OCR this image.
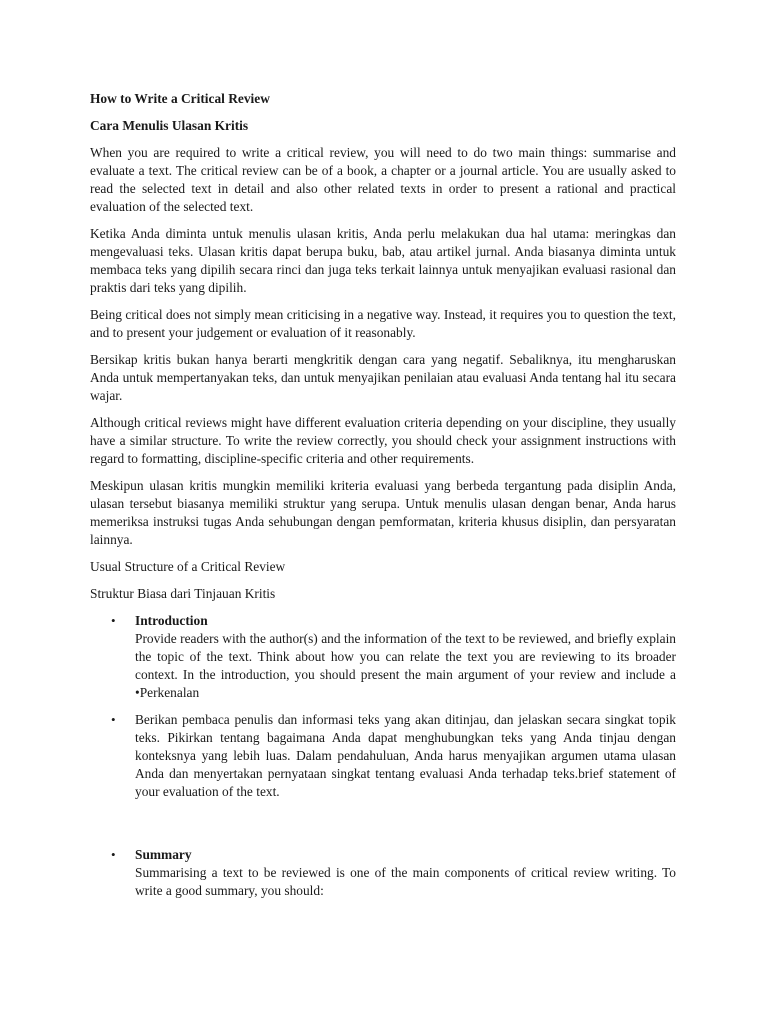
How to Write a Critical Review
Cara Menulis Ulasan Kritis

When you are required to write a critical review, you will need to do two main things: summarise and evaluate a text. The critical review can be of a book, a chapter or a journal article. You are usually asked to read the selected text in detail and also other related texts in order to present a rational and practical evaluation of the selected text.

Ketika Anda diminta untuk menulis ulasan kritis, Anda perlu melakukan dua hal utama: meringkas dan mengevaluasi teks. Ulasan kritis dapat berupa buku, bab, atau artikel jurnal. Anda biasanya diminta untuk membaca teks yang dipilih secara rinci dan juga teks terkait lainnya untuk menyajikan evaluasi rasional dan praktis dari teks yang dipilih.

Being critical does not simply mean criticising in a negative way. Instead, it requires you to question the text, and to present your judgement or evaluation of it reasonably.

Bersikap kritis bukan hanya berarti mengkritik dengan cara yang negatif. Sebaliknya, itu mengharuskan Anda untuk mempertanyakan teks, dan untuk menyajikan penilaian atau evaluasi Anda tentang hal itu secara wajar.

Although critical reviews might have different evaluation criteria depending on your discipline, they usually have a similar structure. To write the review correctly, you should check your assignment instructions with regard to formatting, discipline-specific criteria and other requirements.

Meskipun ulasan kritis mungkin memiliki kriteria evaluasi yang berbeda tergantung pada disiplin Anda, ulasan tersebut biasanya memiliki struktur yang serupa. Untuk menulis ulasan dengan benar, Anda harus memeriksa instruksi tugas Anda sehubungan dengan pemformatan, kriteria khusus disiplin, dan persyaratan lainnya.

Usual Structure of a Critical Review

Struktur Biasa dari Tinjauan Kritis

• Introduction
Provide readers with the author(s) and the information of the text to be reviewed, and briefly explain the topic of the text. Think about how you can relate the text you are reviewing to its broader context. In the introduction, you should present the main argument of your review and include a •Perkenalan
• Berikan pembaca penulis dan informasi teks yang akan ditinjau, dan jelaskan secara singkat topik teks. Pikirkan tentang bagaimana Anda dapat menghubungkan teks yang Anda tinjau dengan konteksnya yang lebih luas. Dalam pendahuluan, Anda harus menyajikan argumen utama ulasan Anda dan menyertakan pernyataan singkat tentang evaluasi Anda terhadap teks.brief statement of your evaluation of the text.
• Summary
Summarising a text to be reviewed is one of the main components of critical review writing. To write a good summary, you should:
